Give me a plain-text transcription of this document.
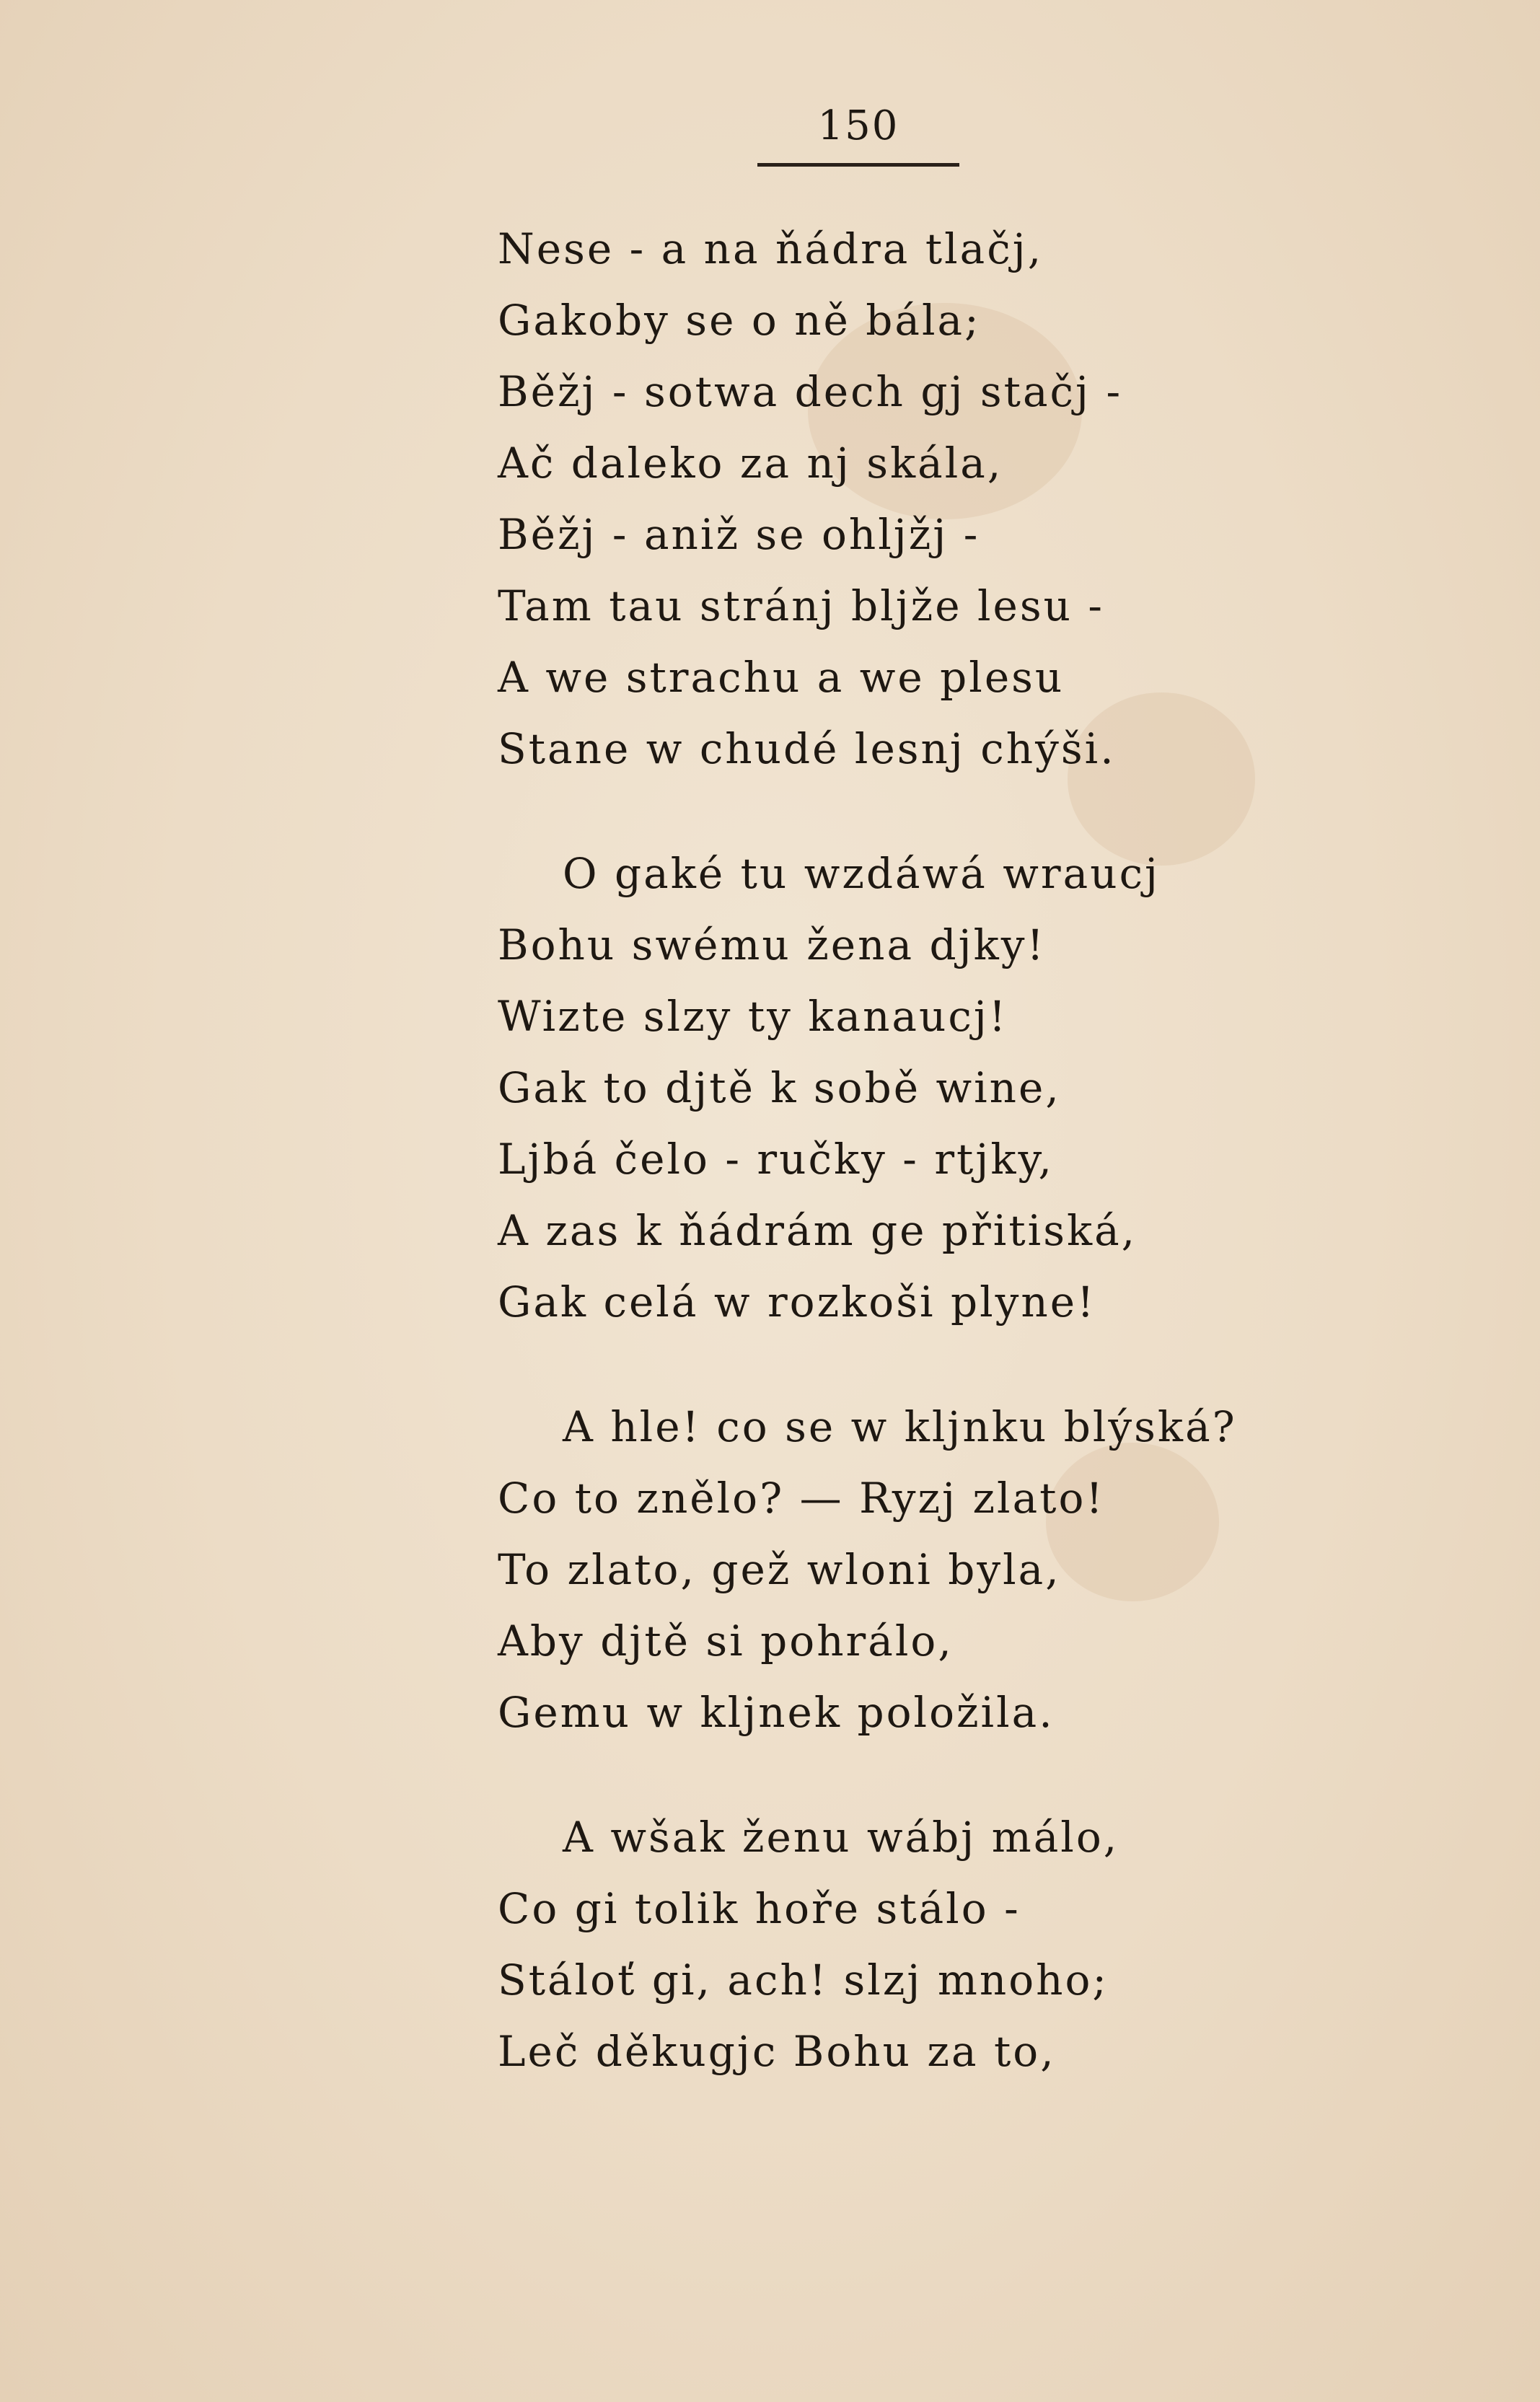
150
Nese - a na ňádra tlačj,
Gakoby se o ně bála;
Běžj - sotwa dech gj stačj -
Ač daleko za nj skála,
Běžj - aniž se ohljžj -
Tam tau stránj bljže lesu -
A we strachu a we plesu
Stane w chudé lesnj chýši.
O gaké tu wzdáwá wraucj
Bohu swému žena djky!
Wizte slzy ty kanaucj!
Gak to djtě k sobě wine,
Ljbá čelo - ručky - rtjky,
A zas k ňádrám ge přitiská,
Gak celá w rozkoši plyne!
A hle! co se w kljnku blýská?
Co to znělo? — Ryzj zlato!
To zlato, gež wloni byla,
Aby djtě si pohrálo,
Gemu w kljnek položila.
A wšak ženu wábj málo,
Co gi tolik hoře stálo -
Stáloť gi, ach! slzj mnoho;
Leč děkugjc Bohu za to,
